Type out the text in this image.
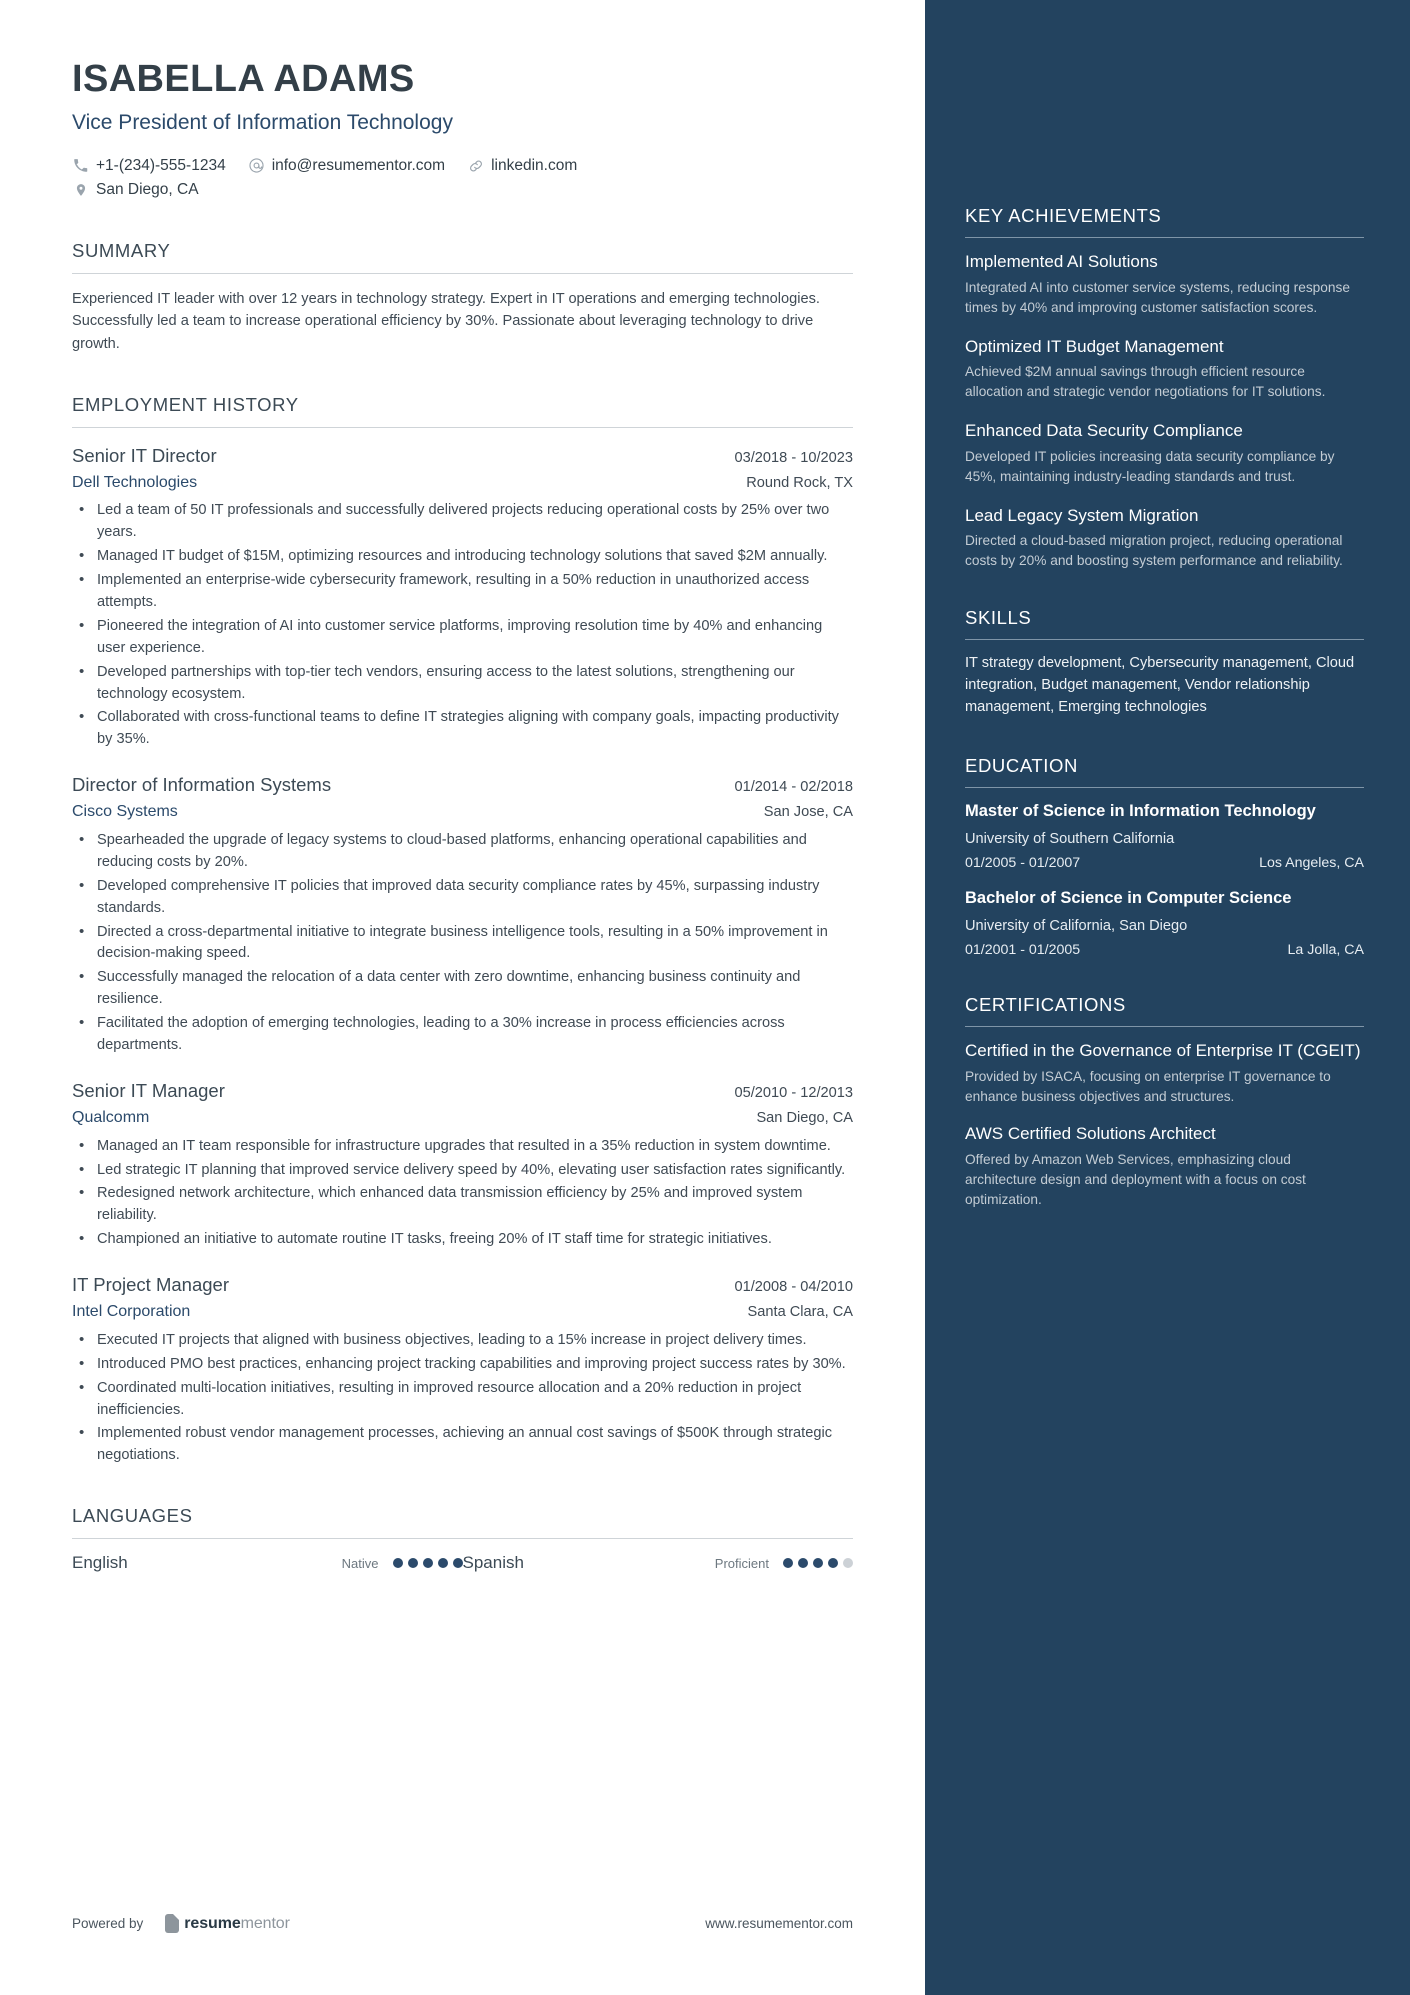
ISABELLA ADAMS
Vice President of Information Technology
+1-(234)-555-1234	info@resumementor.com	linkedin.com
San Diego, CA
SUMMARY
Experienced IT leader with over 12 years in technology strategy. Expert in IT operations and emerging technologies. Successfully led a team to increase operational efficiency by 30%. Passionate about leveraging technology to drive growth.
EMPLOYMENT HISTORY
Senior IT Director	03/2018 - 10/2023
Dell Technologies	Round Rock, TX
• Led a team of 50 IT professionals and successfully delivered projects reducing operational costs by 25% over two years.
• Managed IT budget of $15M, optimizing resources and introducing technology solutions that saved $2M annually.
• Implemented an enterprise-wide cybersecurity framework, resulting in a 50% reduction in unauthorized access attempts.
• Pioneered the integration of AI into customer service platforms, improving resolution time by 40% and enhancing user experience.
• Developed partnerships with top-tier tech vendors, ensuring access to the latest solutions, strengthening our technology ecosystem.
• Collaborated with cross-functional teams to define IT strategies aligning with company goals, impacting productivity by 35%.
Director of Information Systems	01/2014 - 02/2018
Cisco Systems	San Jose, CA
• Spearheaded the upgrade of legacy systems to cloud-based platforms, enhancing operational capabilities and reducing costs by 20%.
• Developed comprehensive IT policies that improved data security compliance rates by 45%, surpassing industry standards.
• Directed a cross-departmental initiative to integrate business intelligence tools, resulting in a 50% improvement in decision-making speed.
• Successfully managed the relocation of a data center with zero downtime, enhancing business continuity and resilience.
• Facilitated the adoption of emerging technologies, leading to a 30% increase in process efficiencies across departments.
Senior IT Manager	05/2010 - 12/2013
Qualcomm	San Diego, CA
• Managed an IT team responsible for infrastructure upgrades that resulted in a 35% reduction in system downtime.
• Led strategic IT planning that improved service delivery speed by 40%, elevating user satisfaction rates significantly.
• Redesigned network architecture, which enhanced data transmission efficiency by 25% and improved system reliability.
• Championed an initiative to automate routine IT tasks, freeing 20% of IT staff time for strategic initiatives.
IT Project Manager	01/2008 - 04/2010
Intel Corporation	Santa Clara, CA
• Executed IT projects that aligned with business objectives, leading to a 15% increase in project delivery times.
• Introduced PMO best practices, enhancing project tracking capabilities and improving project success rates by 30%.
• Coordinated multi-location initiatives, resulting in improved resource allocation and a 20% reduction in project inefficiencies.
• Implemented robust vendor management processes, achieving an annual cost savings of $500K through strategic negotiations.
LANGUAGES
English	Native	Spanish	Proficient
Powered by	resumementor	www.resumementor.com
KEY ACHIEVEMENTS
Implemented AI Solutions
Integrated AI into customer service systems, reducing response times by 40% and improving customer satisfaction scores.
Optimized IT Budget Management
Achieved $2M annual savings through efficient resource allocation and strategic vendor negotiations for IT solutions.
Enhanced Data Security Compliance
Developed IT policies increasing data security compliance by 45%, maintaining industry-leading standards and trust.
Lead Legacy System Migration
Directed a cloud-based migration project, reducing operational costs by 20% and boosting system performance and reliability.
SKILLS
IT strategy development, Cybersecurity management, Cloud integration, Budget management, Vendor relationship management, Emerging technologies
EDUCATION
Master of Science in Information Technology
University of Southern California
01/2005 - 01/2007	Los Angeles, CA
Bachelor of Science in Computer Science
University of California, San Diego
01/2001 - 01/2005	La Jolla, CA
CERTIFICATIONS
Certified in the Governance of Enterprise IT (CGEIT)
Provided by ISACA, focusing on enterprise IT governance to enhance business objectives and structures.
AWS Certified Solutions Architect
Offered by Amazon Web Services, emphasizing cloud architecture design and deployment with a focus on cost optimization.
